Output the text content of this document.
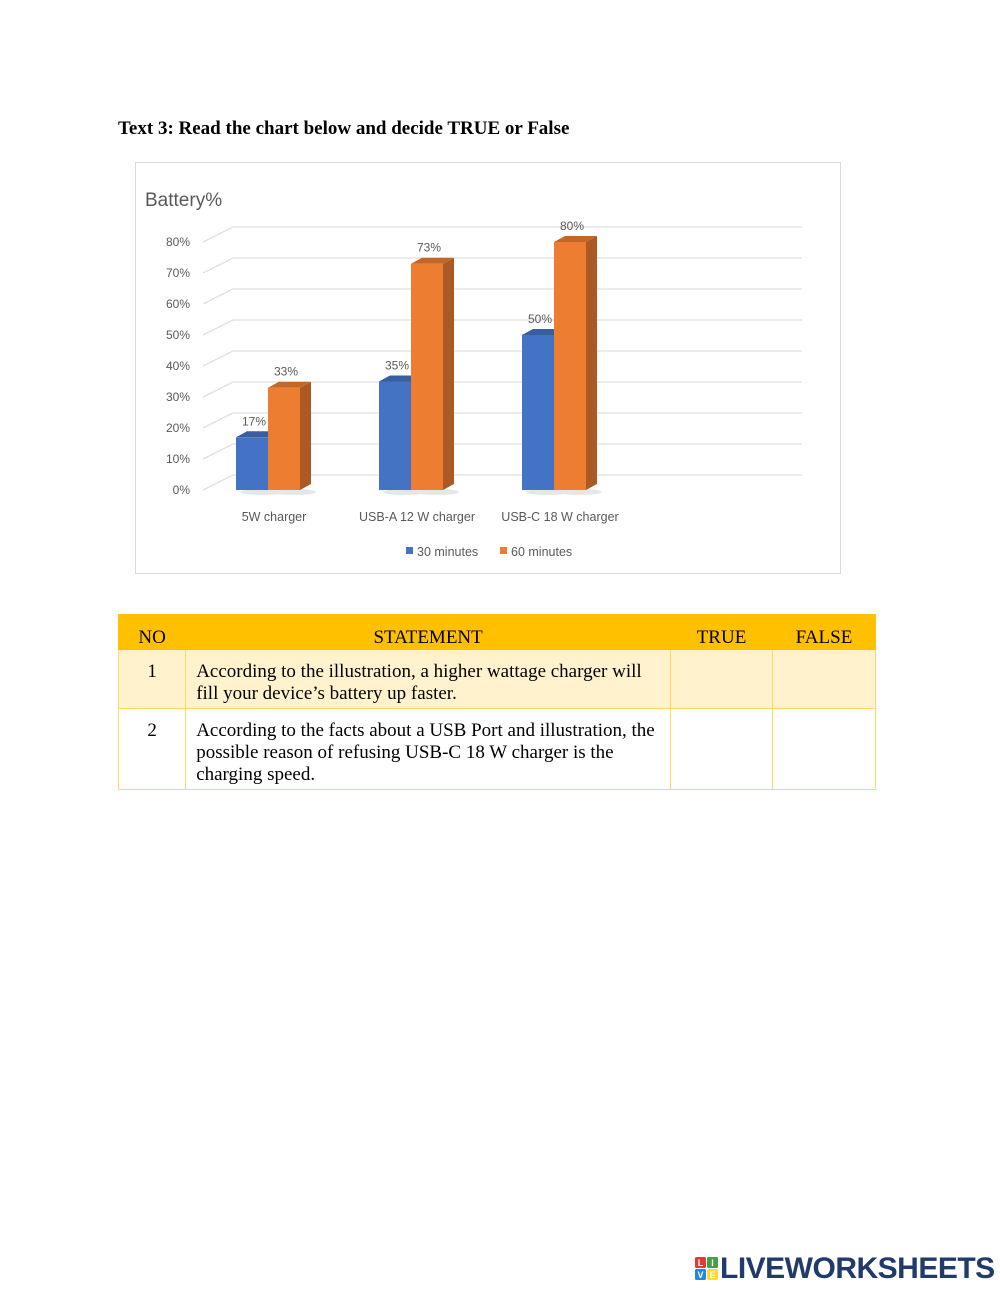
Text 3: Read the chart below and decide TRUE or False
Battery%
0%
10%
20%
30%
40%
50%
60%
70%
80%
17%
33%
5W charger
35%
73%
USB-A 12 W charger
50%
80%
USB-C 18 W charger
30 minutes	60 minutes
NO	STATEMENT	TRUE	FALSE
1	According to the illustration, a higher wattage charger will fill your device’s battery up faster.		
2	According to the facts about a USB Port and illustration, the possible reason of refusing USB-C 18 W charger is the charging speed.		
L I
V E LIVEWORKSHEETS
